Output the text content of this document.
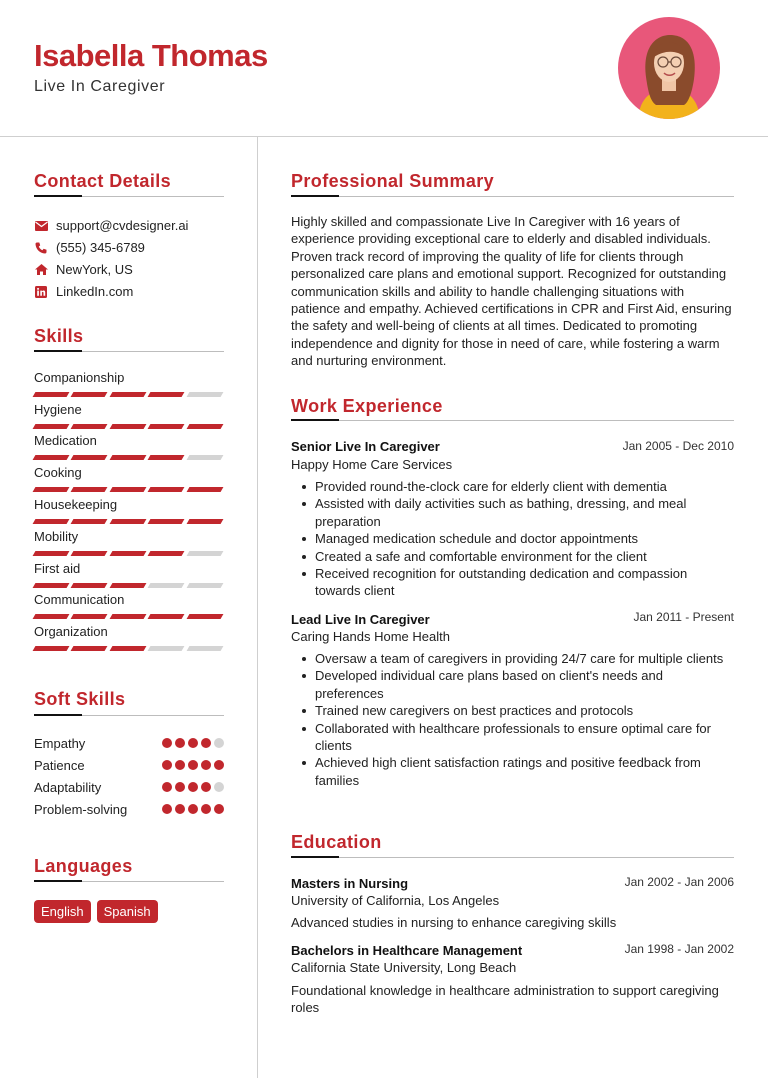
Isabella Thomas
Live In Caregiver
Contact Details
support@cvdesigner.ai
(555) 345-6789
NewYork, US
LinkedIn.com
Skills
Companionship
Hygiene
Medication
Cooking
Housekeeping
Mobility
First aid
Communication
Organization
Soft Skills
Empathy
Patience
Adaptability
Problem-solving
Languages
English	Spanish
Professional Summary
Highly skilled and compassionate Live In Caregiver with 16 years of experience providing exceptional care to elderly and disabled individuals. Proven track record of improving the quality of life for clients through personalized care plans and emotional support. Recognized for outstanding communication skills and ability to handle challenging situations with patience and empathy. Achieved certifications in CPR and First Aid, ensuring the safety and well-being of clients at all times. Dedicated to promoting independence and dignity for those in need of care, while fostering a warm and nurturing environment.
Work Experience
Senior Live In Caregiver	Jan 2005 - Dec 2010
Happy Home Care Services
Provided round-the-clock care for elderly client with dementia
Assisted with daily activities such as bathing, dressing, and meal preparation
Managed medication schedule and doctor appointments
Created a safe and comfortable environment for the client
Received recognition for outstanding dedication and compassion towards client
Lead Live In Caregiver	Jan 2011 - Present
Caring Hands Home Health
Oversaw a team of caregivers in providing 24/7 care for multiple clients
Developed individual care plans based on client's needs and preferences
Trained new caregivers on best practices and protocols
Collaborated with healthcare professionals to ensure optimal care for clients
Achieved high client satisfaction ratings and positive feedback from families
Education
Masters in Nursing	Jan 2002 - Jan 2006
University of California, Los Angeles
Advanced studies in nursing to enhance caregiving skills
Bachelors in Healthcare Management	Jan 1998 - Jan 2002
California State University, Long Beach
Foundational knowledge in healthcare administration to support caregiving roles
